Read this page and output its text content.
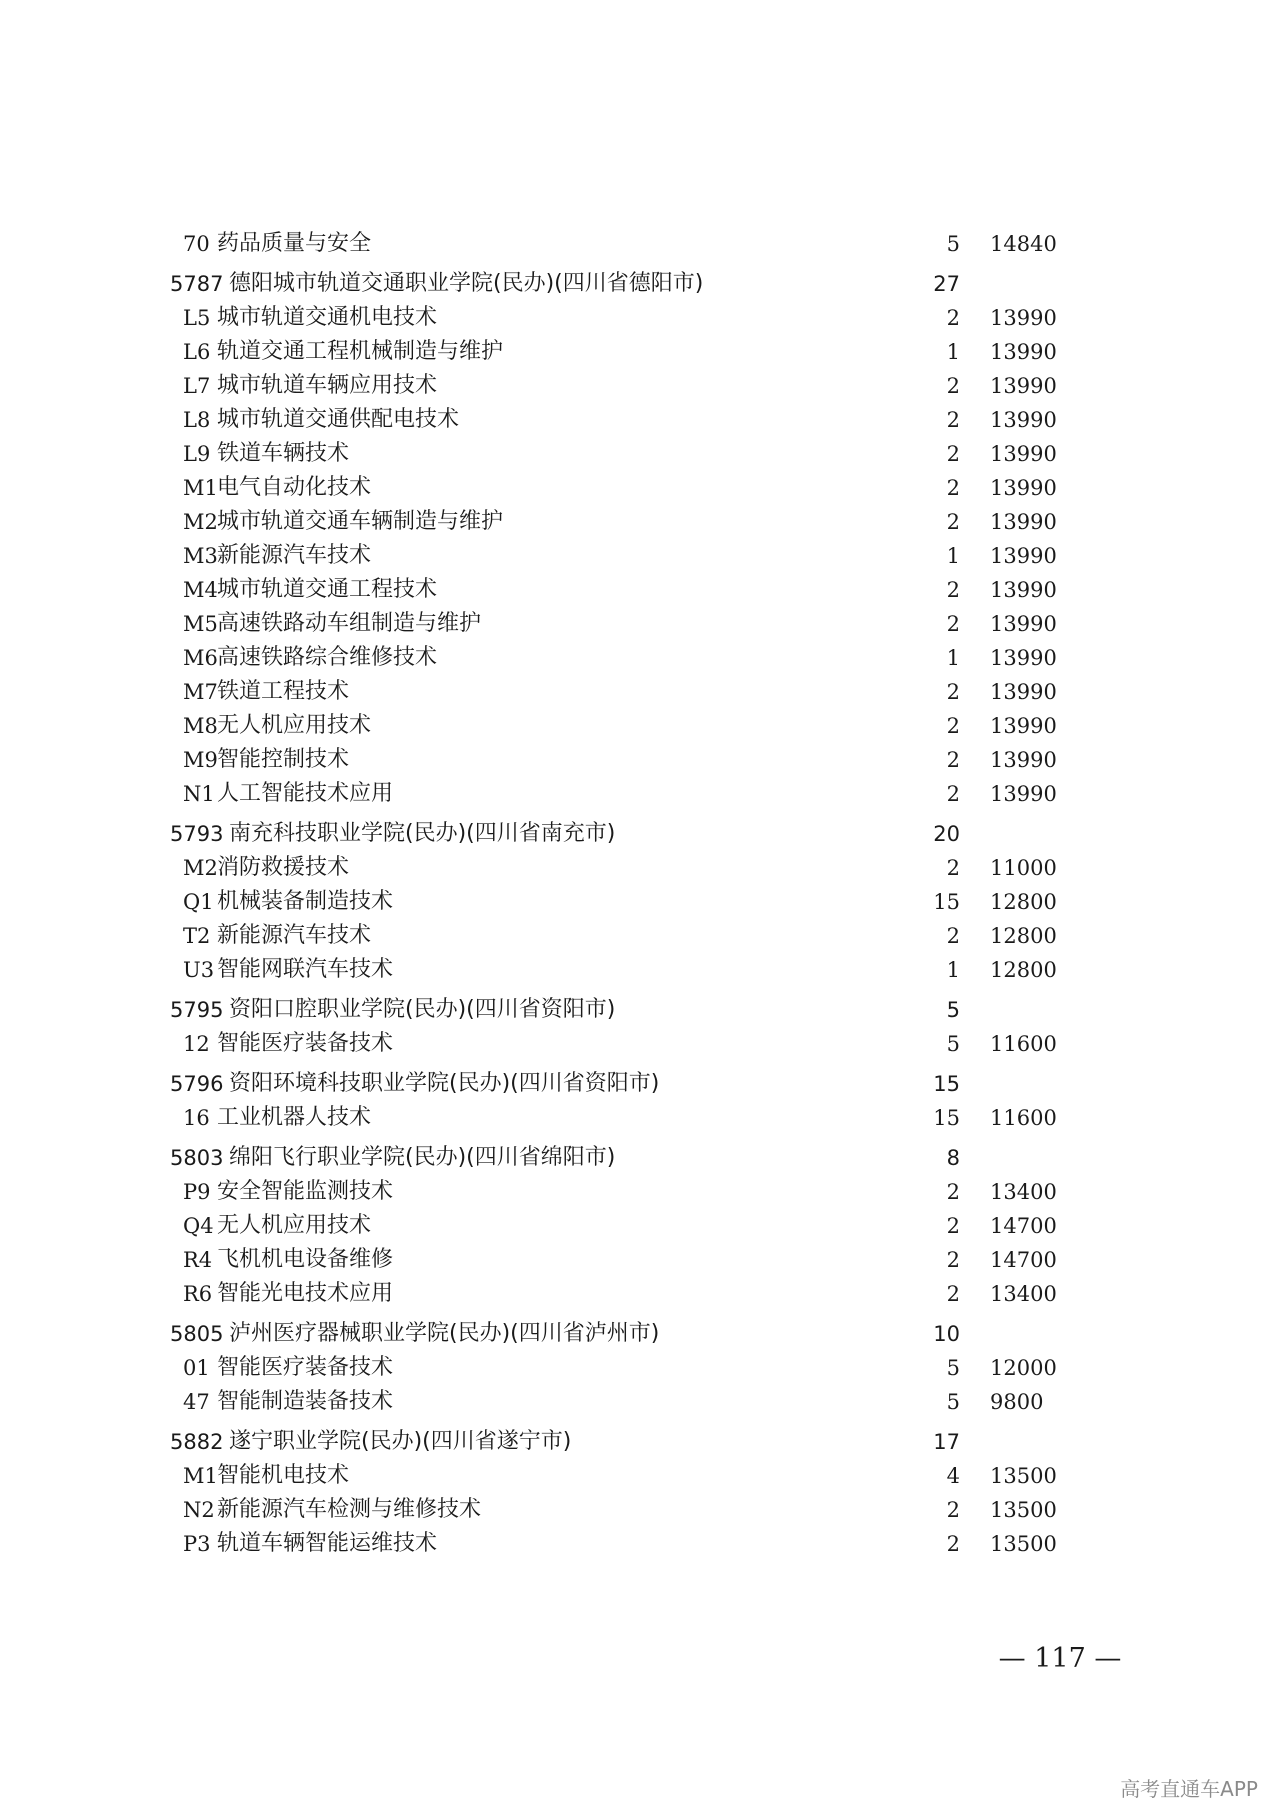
70 药品质量与安全	5 14840
5787 德阳城市轨道交通职业学院(民办)(四川省德阳市)	27
L5 城市轨道交通机电技术	2 13990
L6 轨道交通工程机械制造与维护	1 13990
L7 城市轨道车辆应用技术	2 13990
L8 城市轨道交通供配电技术	2 13990
L9 铁道车辆技术	2 13990
M1 电气自动化技术	2 13990
M2 城市轨道交通车辆制造与维护	2 13990
M3 新能源汽车技术	1 13990
M4 城市轨道交通工程技术	2 13990
M5 高速铁路动车组制造与维护	2 13990
M6 高速铁路综合维修技术	1 13990
M7 铁道工程技术	2 13990
M8 无人机应用技术	2 13990
M9 智能控制技术	2 13990
N1 人工智能技术应用	2 13990
5793 南充科技职业学院(民办)(四川省南充市)	20
M2 消防救援技术	2 11000
Q1 机械装备制造技术	15 12800
T2 新能源汽车技术	2 12800
U3 智能网联汽车技术	1 12800
5795 资阳口腔职业学院(民办)(四川省资阳市)	5
12 智能医疗装备技术	5 11600
5796 资阳环境科技职业学院(民办)(四川省资阳市)	15
16 工业机器人技术	15 11600
5803 绵阳飞行职业学院(民办)(四川省绵阳市)	8
P9 安全智能监测技术	2 13400
Q4 无人机应用技术	2 14700
R4 飞机机电设备维修	2 14700
R6 智能光电技术应用	2 13400
5805 泸州医疗器械职业学院(民办)(四川省泸州市)	10
01 智能医疗装备技术	5 12000
47 智能制造装备技术	5 9800
5882 遂宁职业学院(民办)(四川省遂宁市)	17
M1 智能机电技术	4 13500
N2 新能源汽车检测与维修技术	2 13500
P3 轨道车辆智能运维技术	2 13500
— 117 —
高考直通车APP
